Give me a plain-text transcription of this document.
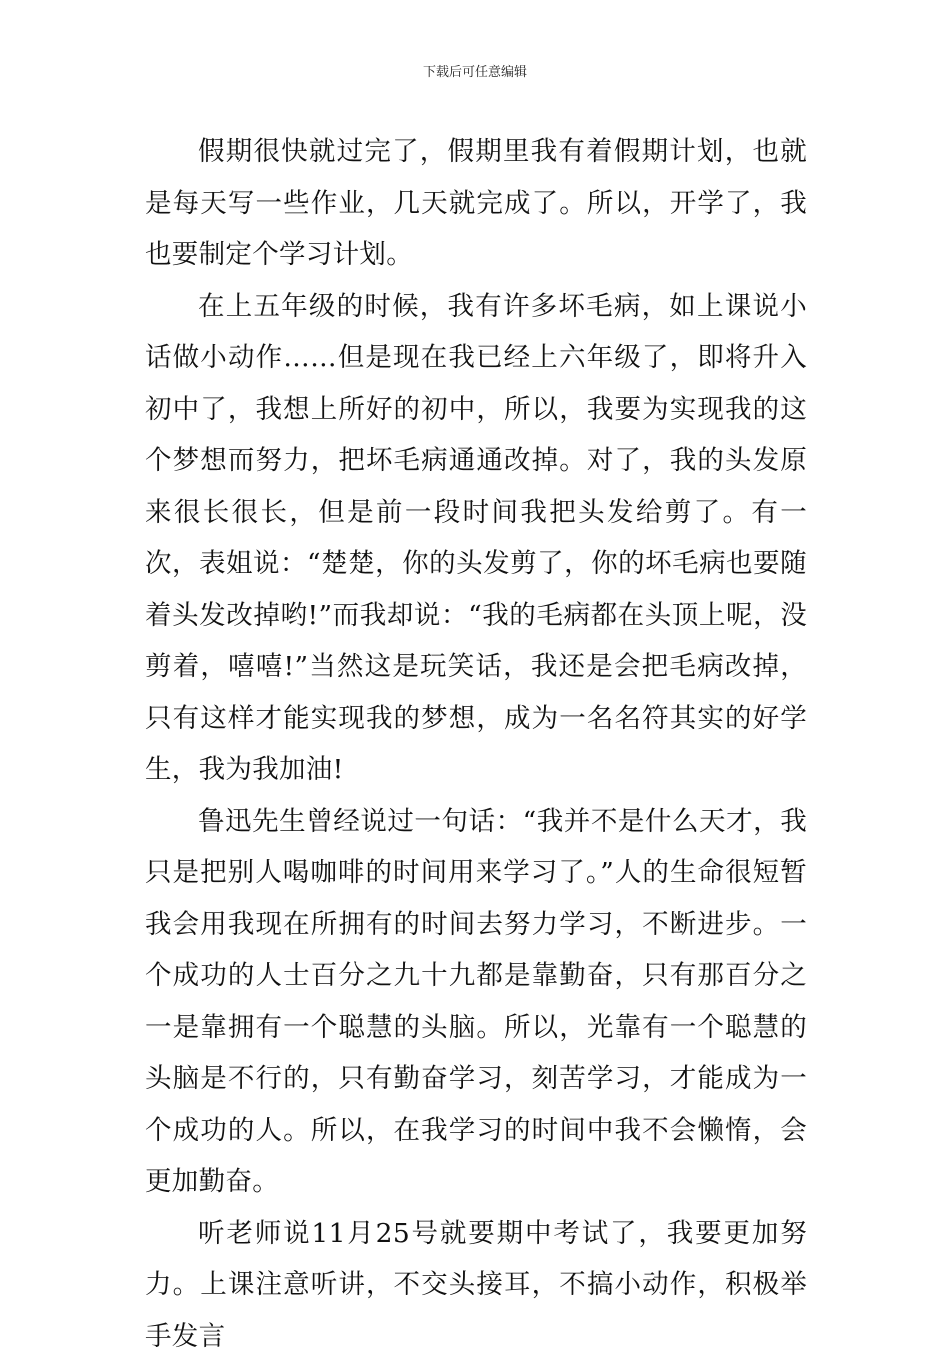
下载后可任意编辑

假期很快就过完了，假期里我有着假期计划，也就是每天写一些作业，几天就完成了。所以，开学了，我也要制定个学习计划。

在上五年级的时候，我有许多坏毛病，如上课说小话做小动作……但是现在我已经上六年级了，即将升入初中了，我想上所好的初中，所以，我要为实现我的这个梦想而努力，把坏毛病通通改掉。对了，我的头发原来很长很长，但是前一段时间我把头发给剪了。有一次，表姐说：“楚楚，你的头发剪了，你的坏毛病也要随着头发改掉哟!”而我却说：“我的毛病都在头顶上呢，没剪着，嘻嘻!”当然这是玩笑话，我还是会把毛病改掉，只有这样才能实现我的梦想，成为一名名符其实的好学生，我为我加油!

鲁迅先生曾经说过一句话：“我并不是什么天才，我只是把别人喝咖啡的时间用来学习了。”人的生命很短暂我会用我现在所拥有的时间去努力学习，不断进步。一个成功的人士百分之九十九都是靠勤奋，只有那百分之一是靠拥有一个聪慧的头脑。所以，光靠有一个聪慧的头脑是不行的，只有勤奋学习，刻苦学习，才能成为一个成功的人。所以，在我学习的时间中我不会懒惰，会更加勤奋。

听老师说11月25号就要期中考试了，我要更加努力。上课注意听讲，不交头接耳，不搞小动作，积极举手发言
